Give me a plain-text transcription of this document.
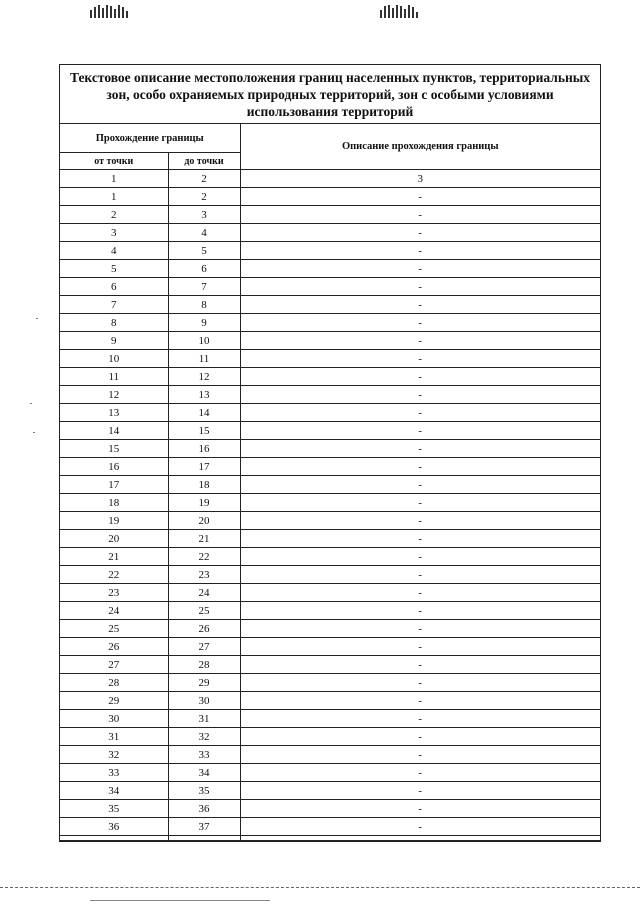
Текстовое описание местоположения границ населенных пунктов, территориальных зон, особо охраняемых природных территорий, зон с особыми условиями использования территорий
Прохождение границы		Описание прохождения границы
от точки	до точки	
1	2	3
1	2	-
2	3	-
3	4	-
4	5	-
5	6	-
6	7	-
7	8	-
8	9	-
9	10	-
10	11	-
11	12	-
12	13	-
13	14	-
14	15	-
15	16	-
16	17	-
17	18	-
18	19	-
19	20	-
20	21	-
21	22	-
22	23	-
23	24	-
24	25	-
25	26	-
26	27	-
27	28	-
28	29	-
29	30	-
30	31	-
31	32	-
32	33	-
33	34	-
34	35	-
35	36	-
36	37	-
